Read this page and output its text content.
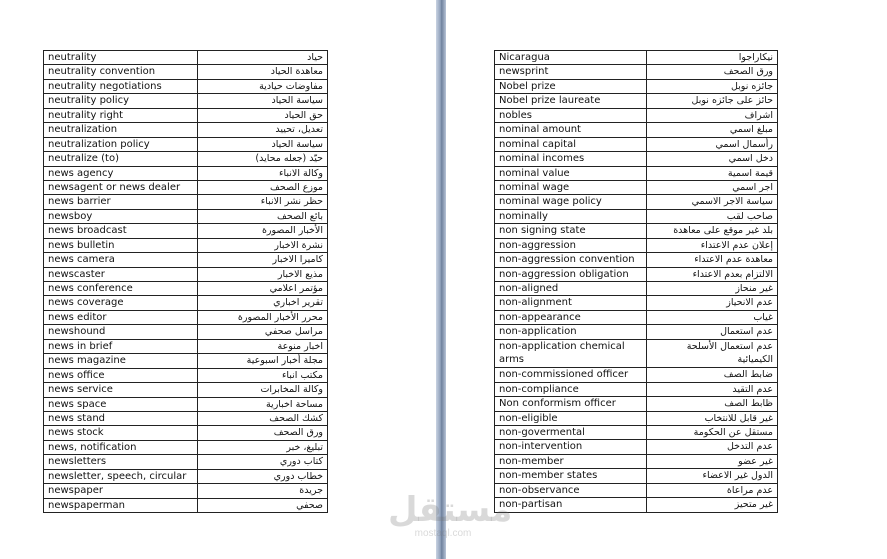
neutrality	حياد
neutrality convention	معاهدة الحياد
neutrality negotiations	مفاوضات حيادية
neutrality policy	سياسة الحياد
neutrality right	حق الحياد
neutralization	تعديل، تحييد
neutralization policy	سياسة الحياد
neutralize (to)	حيّد (جعله محايد)
news agency	وكالة الانباء
newsagent or news dealer	موزع الصحف
news barrier	حظر نشر الانباء
newsboy	بائع الصحف
news broadcast	الأخبار المصورة
news bulletin	نشرة الاخبار
news camera	كاميرا الاخبار
newscaster	مذيع الاخبار
news conference	مؤتمر اعلامي
news coverage	تقرير اخباري
news editor	محرر الأخبار المصورة
newshound	مراسل صحفي
news in brief	اخبار منوعة
news magazine	مجلة أخبار اسبوعية
news office	مكتب انباء
news service	وكالة المخابرات
news space	مساحة اخبارية
news stand	كشك الصحف
news stock	ورق الصحف
news, notification	تبليغ، خبر
newsletters	كتاب دوري
newsletter, speech, circular	خطاب دوري
newspaper	جريدة
newspaperman	صحفي
Nicaragua	نيكاراجوا
newsprint	ورق الصحف
Nobel prize	جائزه نوبل
Nobel prize laureate	حائز على جائزه نوبل
nobles	اشراف
nominal amount	مبلغ اسمي
nominal capital	رأسمال اسمي
nominal incomes	دخل اسمي
nominal value	قيمة اسمية
nominal wage	اجر اسمي
nominal wage policy	سياسة الاجر الاسمي
nominally	صاحب لقب
non signing state	بلد غير موقع على معاهدة
non-aggression	إعلان عدم الاعتداء
non-aggression convention	معاهدة عدم الاعتداء
non-aggression obligation	الالتزام بعدم الاعتداء
non-aligned	غير منحاز
non-alignment	عدم الانحياز
non-appearance	غياب
non-application	عدم استعمال
non-application chemical arms	عدم استعمال الأسلحة الكيميائية
non-commissioned officer	ضابط الصف
non-compliance	عدم التقيد
Non conformism officer	ظابط الصف
non-eligible	غير قابل للانتخاب
non-govermental	مستقل عن الحكومة
non-intervention	عدم التدخل
non-member	غير عضو
non-member states	الدول غير الاعضاء
non-observance	عدم مراعاة
non-partisan	غير متحيز
مستقل
mostaql.com
